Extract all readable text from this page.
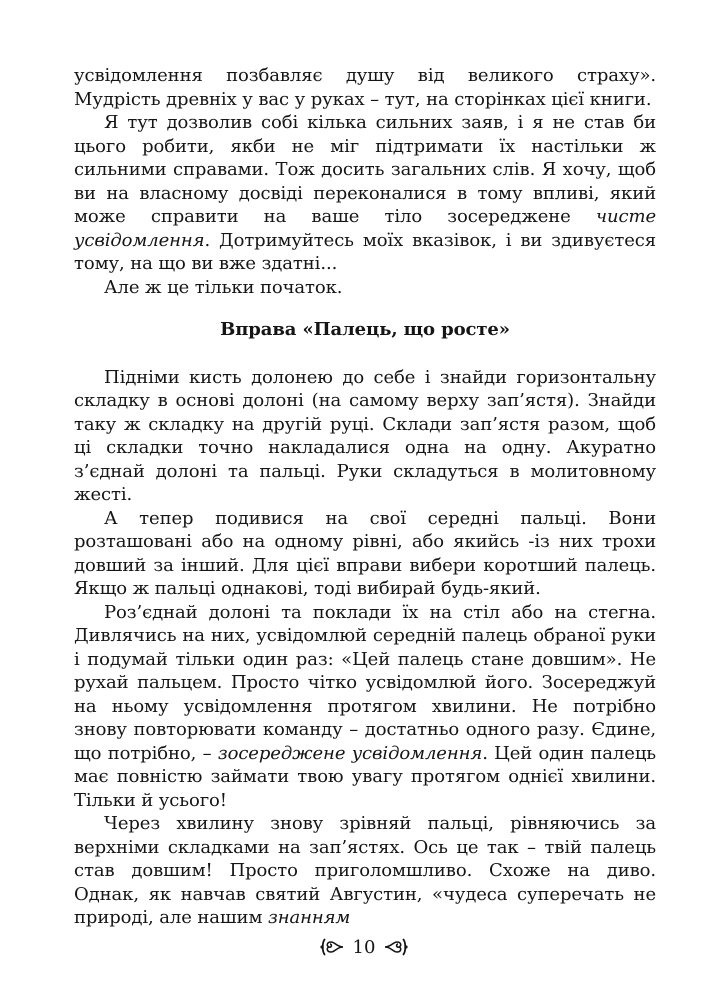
усвідомлення позбавляє душу від великого страху». Мудрість древніх у вас у руках – тут, на сторінках цієї книги.

Я тут дозволив собі кілька сильних заяв, і я не став би цього робити, якби не міг підтримати їх настільки ж сильними справами. Тож досить загальних слів. Я хочу, щоб ви на власному досвіді переконалися в тому впливі, який може справити на ваше тіло зосереджене чисте усвідомлення. Дотримуйтесь моїх вказівок, і ви здивуєтеся тому, на що ви вже здатні...

Але ж це тільки початок.

Вправа «Палець, що росте»

Підніми кисть долонею до себе і знайди горизонтальну складку в основі долоні (на самому верху зап’ястя). Знайди таку ж складку на другій руці. Склади зап’ястя разом, щоб ці складки точно накладалися одна на одну. Акуратно з’єднай долоні та пальці. Руки складуться в молитовному жесті.

А тепер подивися на свої середні пальці. Вони розташовані або на одному рівні, або якийсь -із них трохи довший за інший. Для цієї вправи вибери коротший палець. Якщо ж пальці однакові, тоді вибирай будь-який.

Роз’єднай долоні та поклади їх на стіл або на стегна. Дивлячись на них, усвідомлюй середній палець обраної руки і подумай тільки один раз: «Цей палець стане довшим». Не рухай пальцем. Просто чітко усвідомлюй його. Зосереджуй на ньому усвідомлення протягом хвилини. Не потрібно знову повторювати команду – достатньо одного разу. Єдине, що потрібно, – зосереджене усвідомлення. Цей один палець має повністю займати твою увагу протягом однієї хвилини. Тільки й усього!

Через хвилину знову зрівняй пальці, рівняючись за верхніми складками на зап’ястях. Ось це так – твій палець став довшим! Просто приголомшливо. Схоже на диво. Однак, як навчав святий Августин, «чудеса суперечать не природі, але нашим знанням

10
